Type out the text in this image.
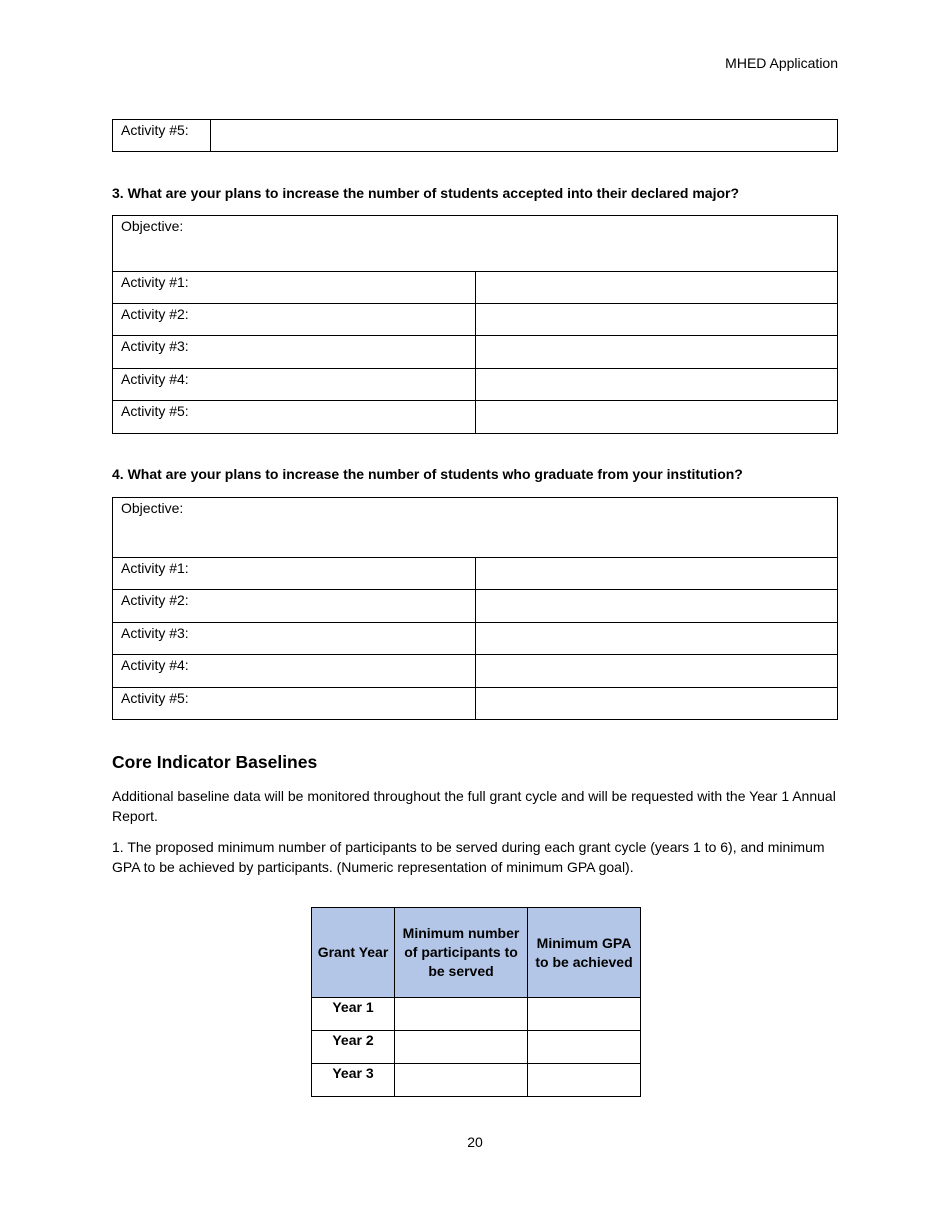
MHED Application
Activity #5:	
3. What are your plans to increase the number of students accepted into their declared major?
Objective:	
Activity #1:	
Activity #2:	
Activity #3:	
Activity #4:	
Activity #5:	
4. What are your plans to increase the number of students who graduate from your institution?
Objective:	
Activity #1:	
Activity #2:	
Activity #3:	
Activity #4:	
Activity #5:	
Core Indicator Baselines
Additional baseline data will be monitored throughout the full grant cycle and will be requested with the Year 1 Annual Report.
1. The proposed minimum number of participants to be served during each grant cycle (years 1 to 6), and minimum GPA to be achieved by participants. (Numeric representation of minimum GPA goal).
Grant Year	Minimum number of participants to be served	Minimum GPA to be achieved
Year 1		
Year 2		
Year 3		
20
